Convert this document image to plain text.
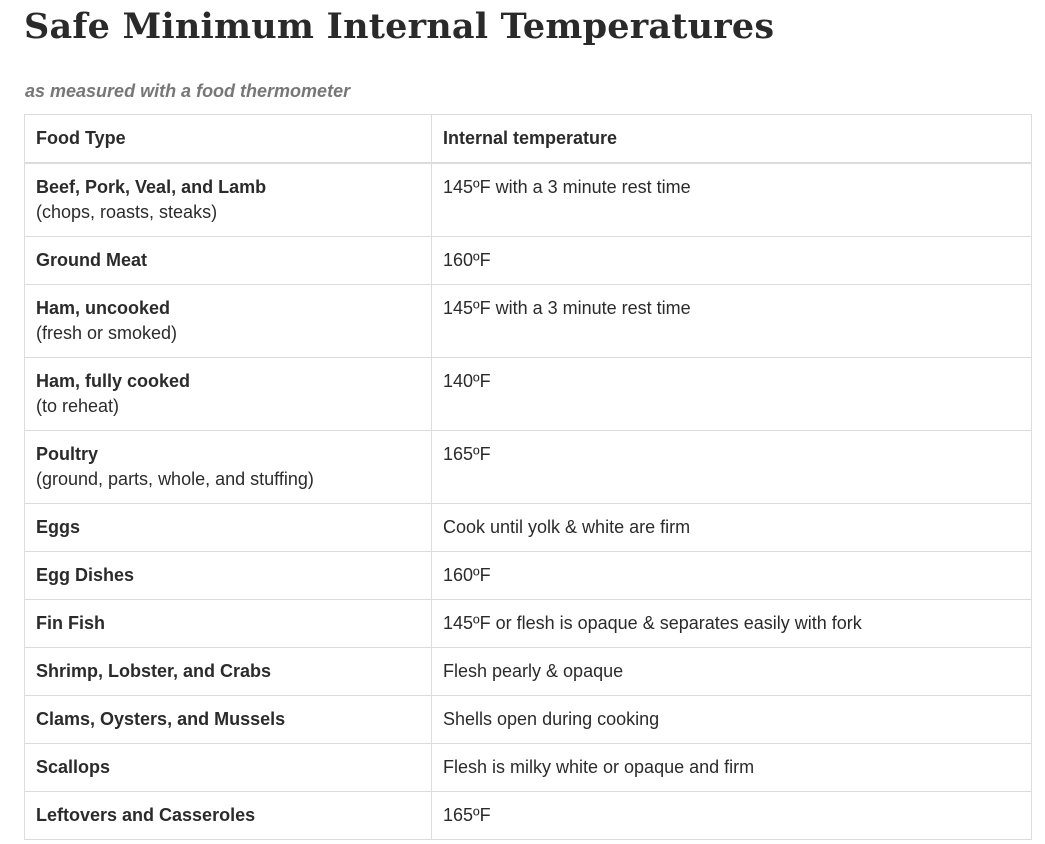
Safe Minimum Internal Temperatures

as measured with a food thermometer

Food Type	Internal temperature

Beef, Pork, Veal, and Lamb
(chops, roasts, steaks)	145ºF with a 3 minute rest time

Ground Meat	160ºF

Ham, uncooked
(fresh or smoked)	145ºF with a 3 minute rest time

Ham, fully cooked
(to reheat)	140ºF

Poultry
(ground, parts, whole, and stuffing)	165ºF

Eggs	Cook until yolk & white are firm

Egg Dishes	160ºF

Fin Fish	145ºF or flesh is opaque & separates easily with fork

Shrimp, Lobster, and Crabs	Flesh pearly & opaque

Clams, Oysters, and Mussels	Shells open during cooking

Scallops	Flesh is milky white or opaque and firm

Leftovers and Casseroles	165ºF
